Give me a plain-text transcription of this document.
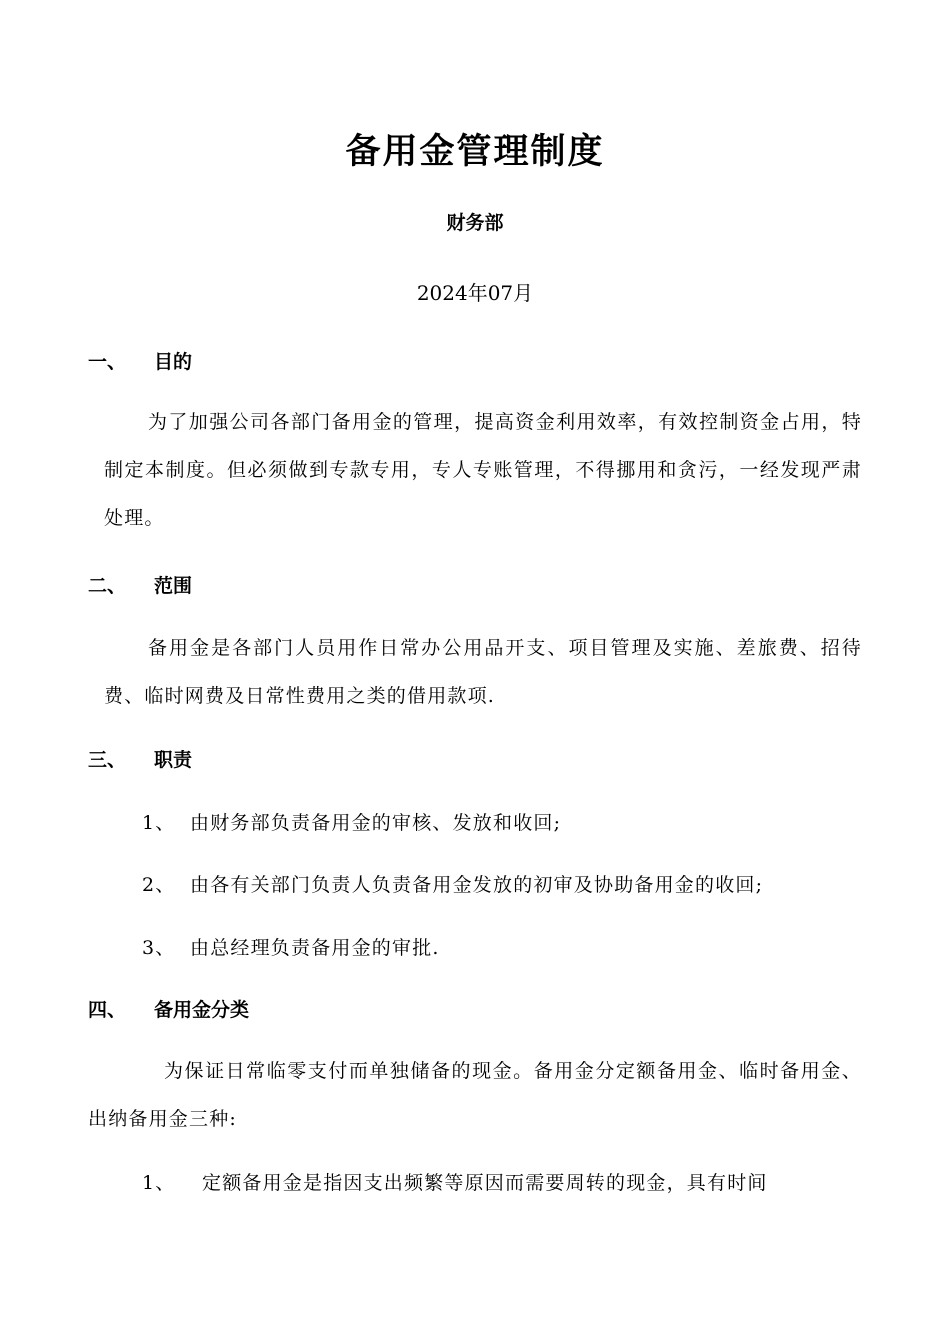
备用金管理制度
财务部
2024年07月
一、 目的
为了加强公司各部门备用金的管理，提高资金利用效率，有效控制资金占用，特制定本制度。但必须做到专款专用，专人专账管理，不得挪用和贪污，一经发现严肃处理。
二、 范围
备用金是各部门人员用作日常办公用品开支、项目管理及实施、差旅费、招待费、临时网费及日常性费用之类的借用款项.
三、 职责
1、 由财务部负责备用金的审核、发放和收回;
2、 由各有关部门负责人负责备用金发放的初审及协助备用金的收回;
3、 由总经理负责备用金的审批.
四、 备用金分类
为保证日常临零支付而单独储备的现金。备用金分定额备用金、临时备用金、出纳备用金三种:
1、 定额备用金是指因支出频繁等原因而需要周转的现金，具有时间
